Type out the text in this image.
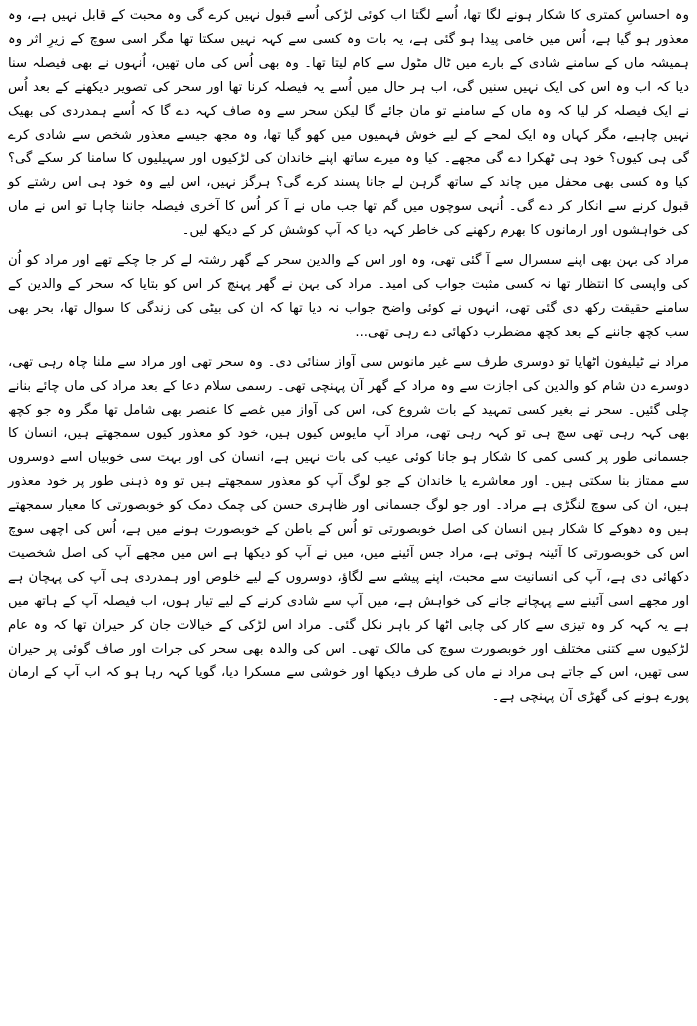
وہ احساسِ کمتری کا شکار ہونے لگا تھا، اُسے لگتا اب کوئی لڑکی اُسے قبول نہیں کرے گی وہ محبت کے قابل نہیں ہے، وہ معذور ہو گیا ہے، اُس میں خامی پیدا ہو گئی ہے، یہ بات وہ کسی سے کہہ نہیں سکتا تھا مگر اسی سوچ کے زیرِ اثر وہ ہمیشہ ماں کے سامنے شادی کے بارے میں ٹال مٹول سے کام لیتا تھا۔ وہ بھی اُس کی ماں تھیں، اُنہوں نے بھی فیصلہ سنا دیا کہ اب وہ اس کی ایک نہیں سنیں گی، اب ہر حال میں اُسے یہ فیصلہ کرنا تھا اور سحر کی تصویر دیکھنے کے بعد اُس نے ایک فیصلہ کر لیا کہ وہ ماں کے سامنے تو مان جائے گا لیکن سحر سے وہ صاف کہہ دے گا کہ اُسے ہمدردی کی بھیک نہیں چاہیے، مگر کہاں وہ ایک لمحے کے لیے خوش فہمیوں میں کھو گیا تھا، وہ مجھ جیسے معذور شخص سے شادی کرے گی ہی کیوں؟ خود ہی ٹھکرا دے گی مجھے۔ کیا وہ میرے ساتھ اپنے خاندان کی لڑکیوں اور سہیلیوں کا سامنا کر سکے گی؟ کیا وہ کسی بھی محفل میں چاند کے ساتھ گرہن لے جانا پسند کرے گی؟ ہرگز نہیں، اس لیے وہ خود ہی اس رشتے کو قبول کرنے سے انکار کر دے گی۔ اُنہی سوچوں میں گم تھا جب ماں نے آ کر اُس کا آخری فیصلہ جاننا چاہا تو اس نے ماں کی خواہشوں اور ارمانوں کا بھرم رکھنے کی خاطر کہہ دیا کہ آپ کوشش کر کے دیکھ لیں۔

مراد کی بہن بھی اپنے سسرال سے آ گئی تھی، وہ اور اس کے والدین سحر کے گھر رشتہ لے کر جا چکے تھے اور مراد کو اُن کی واپسی کا انتظار تھا نہ کسی مثبت جواب کی امید۔ مراد کی بہن نے گھر پہنچ کر اس کو بتایا کہ سحر کے والدین کے سامنے حقیقت رکھ دی گئی تھی، انہوں نے کوئی واضح جواب نہ دیا تھا کہ ان کی بیٹی کی زندگی کا سوال تھا، بحر بھی سب کچھ جاننے کے بعد کچھ مضطرب دکھائی دے رہی تھی...

مراد نے ٹیلیفون اٹھایا تو دوسری طرف سے غیر مانوس سی آواز سنائی دی۔ وہ سحر تھی اور مراد سے ملنا چاہ رہی تھی، دوسرے دن شام کو والدین کی اجازت سے وہ مراد کے گھر آن پہنچی تھی۔ رسمی سلام دعا کے بعد مراد کی ماں چائے بنانے چلی گئیں۔ سحر نے بغیر کسی تمہید کے بات شروع کی، اس کی آواز میں غصے کا عنصر بھی شامل تھا مگر وہ جو کچھ بھی کہہ رہی تھی سچ ہی تو کہہ رہی تھی، مراد آپ مایوس کیوں ہیں، خود کو معذور کیوں سمجھتے ہیں، انسان کا جسمانی طور پر کسی کمی کا شکار ہو جانا کوئی عیب کی بات نہیں ہے، انسان کی اور بہت سی خوبیاں اسے دوسروں سے ممتاز بنا سکتی ہیں۔ اور معاشرے یا خاندان کے جو لوگ آپ کو معذور سمجھتے ہیں تو وہ ذہنی طور پر خود معذور ہیں، ان کی سوچ لنگڑی ہے مراد۔ اور جو لوگ جسمانی اور ظاہری حسن کی چمک دمک کو خوبصورتی کا معیار سمجھتے ہیں وہ دھوکے کا شکار ہیں انسان کی اصل خوبصورتی تو اُس کے باطن کے خوبصورت ہونے میں ہے، اُس کی اچھی سوچ اس کی خوبصورتی کا آئینہ ہوتی ہے، مراد جس آئینے میں، میں نے آپ کو دیکھا ہے اس میں مجھے آپ کی اصل شخصیت دکھائی دی ہے، آپ کی انسانیت سے محبت، اپنے پیشے سے لگاؤ، دوسروں کے لیے خلوص اور ہمدردی ہی آپ کی پہچان ہے اور مجھے اسی آئینے سے پہچانے جانے کی خواہش ہے، میں آپ سے شادی کرنے کے لیے تیار ہوں، اب فیصلہ آپ کے ہاتھ میں ہے یہ کہہ کر وہ تیزی سے کار کی چابی اٹھا کر باہر نکل گئی۔ مراد اس لڑکی کے خیالات جان کر حیران تھا کہ وہ عام لڑکیوں سے کتنی مختلف اور خوبصورت سوچ کی مالک تھی۔ اس کی والدہ بھی سحر کی جرات اور صاف گوئی پر حیران سی تھیں، اس کے جاتے ہی مراد نے ماں کی طرف دیکھا اور خوشی سے مسکرا دیا، گویا کہہ رہا ہو کہ اب آپ کے ارمان پورے ہونے کی گھڑی آن پہنچی ہے۔
